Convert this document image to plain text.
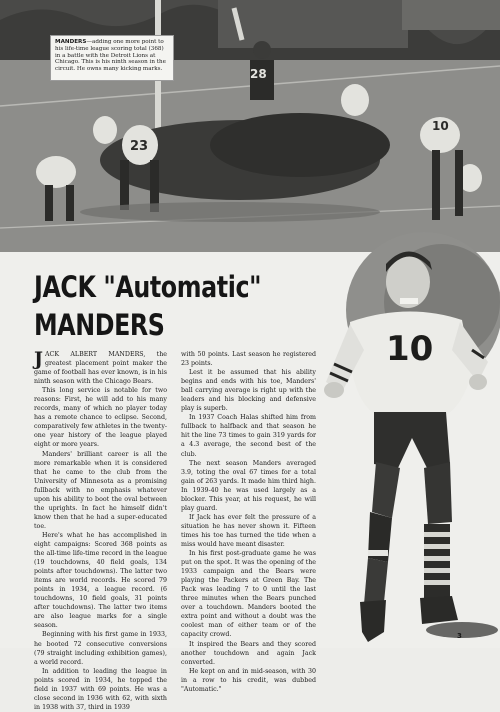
28
23
10
MANDERS—adding one more point to his life-time league scoring total (368) in a battle with the Detroit Lions at Chicago. This is his ninth season in the circuit. He owns many kicking marks.
JACK "Automatic"
MANDERS

JACK ALBERT MANDERS, the greatest placement point maker the game of football has ever known, is in his ninth season with the Chicago Bears.

This long service is notable for two reasons: First, he will add to his many records, many of which no player today has a remote chance to eclipse. Second, comparatively few athletes in the twenty-one year history of the league played eight or more years.

Manders' brilliant career is all the more remarkable when it is considered that he came to the club from the University of Minnesota as a promising fullback with no emphasis whatever upon his ability to boot the oval between the uprights. In fact he himself didn't know then that he had a super-educated toe.

Here's what he has accomplished in eight campaigns: Scored 368 points as the all-time life-time record in the league (19 touchdowns, 40 field goals, 134 points after touchdowns). The latter two items are world records. He scored 79 points in 1934, a league record. (6 touchdowns, 10 field goals, 31 points after touchdowns). The latter two items are also league marks for a single season.

Beginning with his first game in 1933, he booted 72 consecutive conversions (79 straight including exhibition games), a world record.

In addition to leading the league in points scored in 1934, he topped the field in 1937 with 69 points. He was a close second in 1936 with 62, with sixth in 1938 with 37, third in 1939

with 50 points. Last season he registered 23 points.

Lest it be assumed that his ability begins and ends with his toe, Manders' ball carrying average is right up with the leaders and his blocking and defensive play is superb.

In 1937 Coach Halas shifted him from fullback to halfback and that season he hit the line 73 times to gain 319 yards for a 4.3 average, the second best of the club.

The next season Manders averaged 3.9, toting the oval 67 times for a total gain of 263 yards. It made him third high. In 1939-40 he was used largely as a blocker. This year, at his request, he will play guard.

If Jack has ever felt the pressure of a situation he has never shown it. Fifteen times his toe has turned the tide when a miss would have meant disaster.

In his first post-graduate game he was put on the spot. It was the opening of the 1933 campaign and the Bears were playing the Packers at Green Bay. The Pack was leading 7 to 0 until the last three minutes when the Bears punched over a touchdown. Manders booted the extra point and without a doubt was the coolest man of either team or of the capacity crowd.

It inspired the Bears and they scored another touchdown and again Jack converted.

He kept on and in mid-season, with 30 in a row to his credit, was dubbed "Automatic."

10
3
